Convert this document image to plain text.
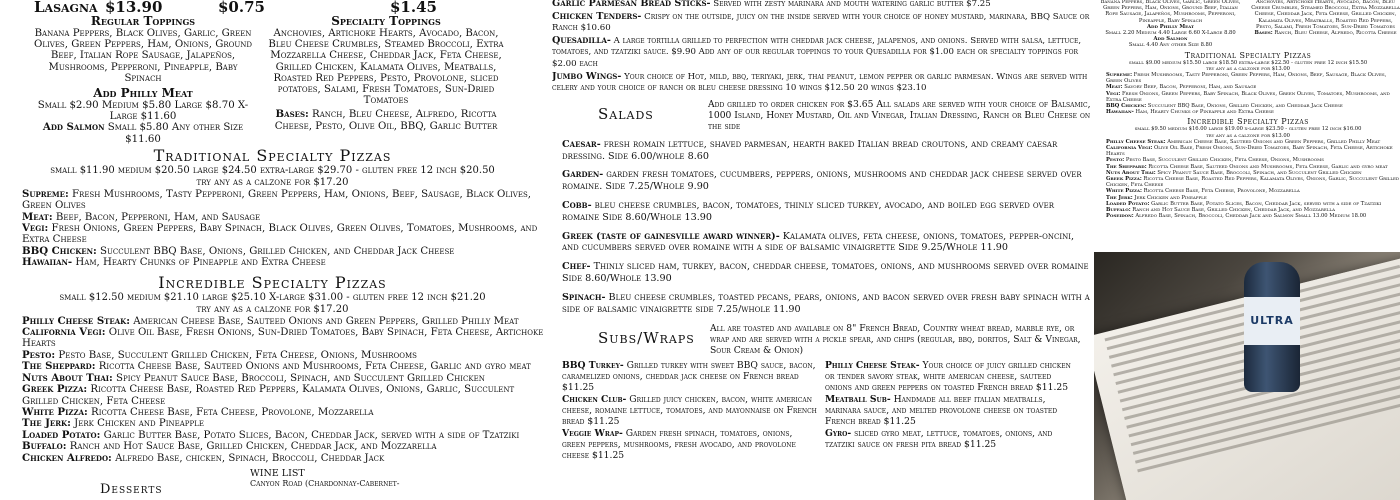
Lasagna $13.90	$0.75	$1.45
Regular Toppings
Banana Peppers, Black Olives, Garlic, Green Olives, Green Peppers, Ham, Onions, Ground Beef, Italian Rope Sausage, Jalapeños, Mushrooms, Pepperoni, Pineapple, Baby Spinach
Add Philly Meat
Small $2.90 Medium $5.80 Large $8.70 X-Large $11.60
Add Salmon Small $5.80 Any other Size $11.60
Specialty Toppings
Anchovies, Artichoke Hearts, Avocado, Bacon, Bleu Cheese Crumbles, Steamed Broccoli, Extra Mozzarella Cheese, Cheddar Jack, Feta Cheese, Grilled Chicken, Kalamata Olives, Meatballs, Roasted Red Peppers, Pesto, Provolone, sliced potatoes, Salami, Fresh Tomatoes, Sun-Dried Tomatoes
Bases: Ranch, Bleu Cheese, Alfredo, Ricotta Cheese, Pesto, Olive Oil, BBQ, Garlic Butter
Traditional Specialty Pizzas
small $11.90 medium $20.50 large $24.50 extra-large $29.70 - gluten free 12 inch $20.50
try any as a calzone for $17.20
Supreme: Fresh Mushrooms, Tasty Pepperoni, Green Peppers, Ham, Onions, Beef, Sausage, Black Olives, Green Olives
Meat: Beef, Bacon, Pepperoni, Ham, and Sausage
Vegi: Fresh Onions, Green Peppers, Baby Spinach, Black Olives, Green Olives, Tomatoes, Mushrooms, and Extra Cheese
BBQ Chicken: Succulent BBQ Base, Onions, Grilled Chicken, and Cheddar Jack Cheese
Hawaiian- Ham, Hearty Chunks of Pineapple and Extra Cheese
Incredible Specialty Pizzas
small $12.50 medium $21.10 large $25.10 X-large $31.00 - gluten free 12 inch $21.20
try any as a calzone for $17.20
Philly Cheese Steak: American Cheese Base, Sauteed Onions and Green Peppers, Grilled Philly Meat
California Vegi: Olive Oil Base, Fresh Onions, Sun-Dried Tomatoes, Baby Spinach, Feta Cheese, Artichoke Hearts
Pesto: Pesto Base, Succulent Grilled Chicken, Feta Cheese, Onions, Mushrooms
The Sheppard: Ricotta Cheese Base, Sauteed Onions and Mushrooms, Feta Cheese, Garlic and gyro meat
Nuts About Thai: Spicy Peanut Sauce Base, Broccoli, Spinach, and Succulent Grilled Chicken
Greek Pizza: Ricotta Cheese Base, Roasted Red Peppers, Kalamata Olives, Onions, Garlic, Succulent Grilled Chicken, Feta Cheese
White Pizza: Ricotta Cheese Base, Feta Cheese, Provolone, Mozzarella
The Jerk: Jerk Chicken and Pineapple
Loaded Potato: Garlic Butter Base, Potato Slices, Bacon, Cheddar Jack, served with a side of Tzatziki
Buffalo: Ranch and Hot Sauce Base, Grilled Chicken, Cheddar Jack, and Mozzarella
Chicken Alfredo: Alfredo Base, chicken, Spinach, Broccoli, Cheddar Jack
Desserts
WINE LIST
Canyon Road (Chardonnay-Cabernet-
Garlic Parmesan Bread Sticks- Served with zesty marinara and mouth watering garlic butter $7.25
Chicken Tenders- Crispy on the outside, juicy on the inside served with your choice of honey mustard, marinara, BBQ Sauce or Ranch $10.60
Quesadilla- A large tortilla grilled to perfection with cheddar jack cheese, jalapenos, and onions. Served with salsa, lettuce, tomatoes, and tzatziki sauce. $9.90 Add any of our regular toppings to your Quesadilla for $1.00 each or specialty toppings for $2.00 each
Jumbo Wings- Your choice of Hot, mild, bbq, teriyaki, jerk, thai peanut, lemon pepper or garlic parmesan. Wings are served with celery and your choice of ranch or bleu cheese dressing 10 wings $12.50 20 wings $23.10
Salads
Add grilled to order chicken for $3.65 All salads are served with your choice of Balsamic, 1000 Island, Honey Mustard, Oil and Vinegar, Italian Dressing, Ranch or Bleu Cheese on the side
Caesar- fresh romain lettuce, shaved parmesan, hearth baked Italian bread croutons, and creamy caesar dressing. Side 6.00/whole 8.60
Garden- garden fresh tomatoes, cucumbers, peppers, onions, mushrooms and cheddar jack cheese served over romaine. Side 7.25/Whole 9.90
Cobb- bleu cheese crumbles, bacon, tomatoes, thinly sliced turkey, avocado, and boiled egg served over romaine Side 8.60/Whole 13.90
Greek (taste of gainesville award winner)- Kalamata olives, feta cheese, onions, tomatoes, pepper-oncini, and cucumbers served over romaine with a side of balsamic vinaigrette Side 9.25/Whole 11.90
Chef- Thinly sliced ham, turkey, bacon, cheddar cheese, tomatoes, onions, and mushrooms served over romaine Side 8.60/Whole 13.90
Spinach- Bleu cheese crumbles, toasted pecans, pears, onions, and bacon served over fresh baby spinach with a side of balsamic vinaigrette side 7.25/whole 11.90
Subs/Wraps
All are toasted and available on 8" French Bread, Country wheat bread, marble rye, or wrap and are served with a pickle spear, and chips (regular, bbq, doritos, Salt & Vinegar, Sour Cream & Onion)
BBQ Turkey- Grilled turkey with sweet BBQ sauce, bacon, caramelized onions, cheddar jack cheese on French bread $11.25
Chicken Club- Grilled juicy chicken, bacon, white american cheese, romaine lettuce, tomatoes, and mayonnaise on French bread $11.25
Veggie Wrap- Garden fresh spinach, tomatoes, onions, green peppers, mushrooms, fresh avocado, and provolone cheese $11.25
Philly Cheese Steak- Your choice of juicy grilled chicken or tender savory steak, white american cheese, sauteed onions and green peppers on toasted French bread $11.25
Meatball Sub- Handmade all beef italian meatballs, marinara sauce, and melted provolone cheese on toasted French bread $11.25
Gyro- sliced gyro meat, lettuce, tomatoes, onions, and tzatziki sauce on fresh pita bread $11.25
Banana Peppers, Black Olives, Garlic, Green Olives, Green Peppers, Ham, Onions, Ground Beef, Italian Rope Sausage, Jalapeños, Mushrooms, Pepperoni, Pineapple, Baby Spinach
Add Philly Meat
Small 2.20 Medium 4.40 Large 6.60 X-Large 8.80
Add Salmon
Small 4.40 Any other Size 8.80
Anchovies, Artichoke Hearts, Avocado, Bacon, Bleu Cheese Crumbles, Steamed Broccoli, Extra Mozzarella Cheese, Cheddar Jack, Feta Cheese, Grilled Chicken, Kalamata Olives, Meatballs, Roasted Red Peppers, Pesto, Salami, Fresh Tomatoes, Sun-Dried Tomatoes
Bases: Ranch, Bleu Cheese, Alfredo, Ricotta Cheese
Traditional Specialty Pizzas
small $9.00 medium $15.50 large $18.50 extra-large $22.50 - gluten free 12 inch $15.50
try any as a calzone for $13.00
Supreme: Fresh Mushrooms, Tasty Pepperoni, Green Peppers, Ham, Onions, Beef, Sausage, Black Olives, Green Olives
Meat: Savory Beef, Bacon, Pepperoni, Ham, and Sausage
Vegi: Fresh Onions, Green Peppers, Baby Spinach, Black Olives, Green Olives, Tomatoes, Mushrooms, and Extra Cheese
BBQ Chicken: Succulent BBQ Base, Onions, Grilled Chicken, and Cheddar Jack Cheese
Hawaiian- Ham, Hearty Chunks of Pineapple and Extra Cheese
Incredible Specialty Pizzas
small $9.50 medium $16.00 large $19.00 x-large $23.50 - gluten free 12 inch $16.00
try any as a calzone for $13.00
Philly Cheese Steak: American Cheese Base, Sauteed Onions and Green Peppers, Grilled Philly Meat
California Vegi: Olive Oil Base, Fresh Onions, Sun-Dried Tomatoes, Baby Spinach, Feta Cheese, Artichoke Hearts
Pesto: Pesto Base, Succulent Grilled Chicken, Feta Cheese, Onions, Mushrooms
The Sheppard: Ricotta Cheese Base, Sauteed Onions and Mushrooms, Feta Cheese, Garlic and gyro meat
Nuts About Thai: Spicy Peanut Sauce Base, Broccoli, Spinach, and Succulent Grilled Chicken
Greek Pizza: Ricotta Cheese Base, Roasted Red Peppers, Kalamata Olives, Onions, Garlic, Succulent Grilled Chicken, Feta Cheese
White Pizza: Ricotta Cheese Base, Feta Cheese, Provolone, Mozzarella
The Jerk: Jerk Chicken and Pineapple
Loaded Potato: Garlic Butter Base, Potato Slices, Bacon, Cheddar Jack, served with a side of Tzatziki
Buffalo: Ranch and Hot Sauce Base, Grilled Chicken, Cheddar Jack, and Mozzarella
Poseidon: Alfredo Base, Spinach, Broccoli, Cheddar Jack and Salmon Small 13.00 Medium 18.00
ULTRA
